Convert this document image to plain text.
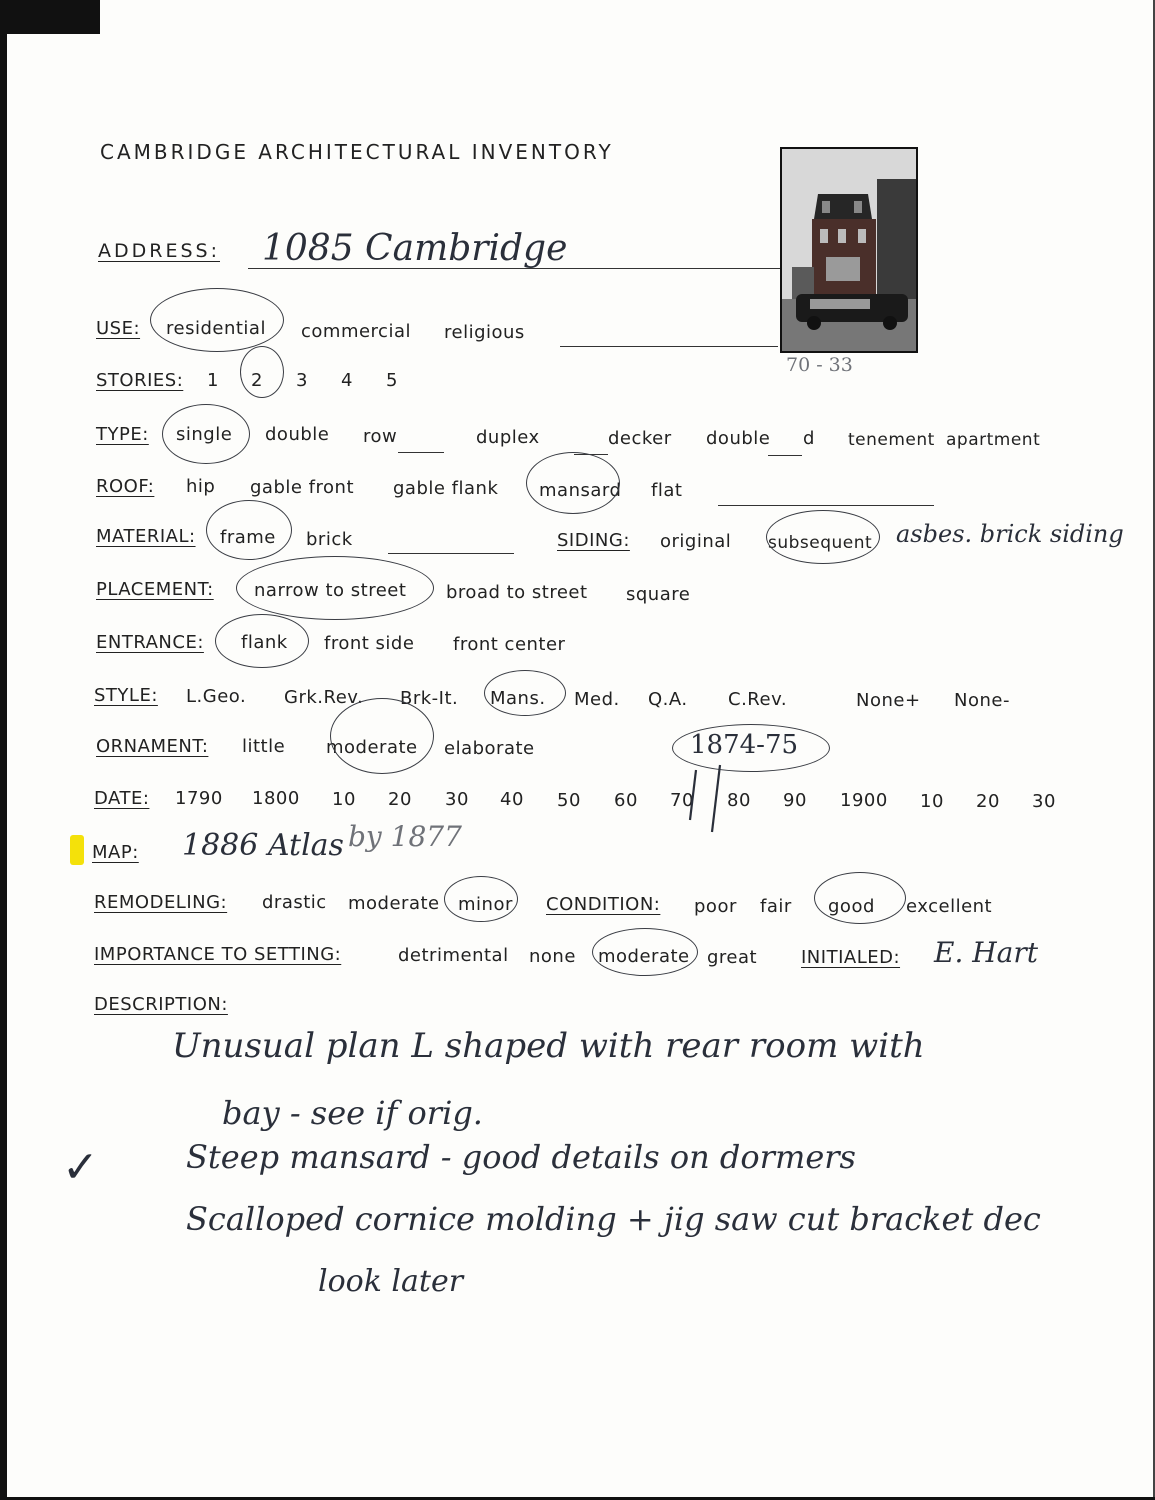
CAMBRIDGE ARCHITECTURAL INVENTORY
70 - 33
ADDRESS: 1085 Cambridge
USE: residential commercial religious
STORIES: 1 2 3 4 5
TYPE: single double row	duplex	decker double d tenement apartment
ROOF: hip gable front gable flank mansard flat
MATERIAL: frame brick	SIDING: original subsequent asbes. brick siding
PLACEMENT: narrow to street broad to street square
ENTRANCE: flank front side front center
STYLE: L.Geo. Grk.Rev. Brk-It. Mans. Med. Q.A. C.Rev.	None+ None-
ORNAMENT: little moderate elaborate	1874-75
DATE: 1790 1800 10 20 30 40 50 60 70 80 90 1900 10 20 30
MAP: 1886 Atlas by 1877
REMODELING: drastic moderate minor CONDITION: poor fair good excellent
IMPORTANCE TO SETTING:	detrimental none moderate great INITIALED: E. Hart
DESCRIPTION:
Unusual plan L shaped with rear room with
bay - see if orig.
✓	Steep mansard - good details on dormers
Scalloped cornice molding + jig saw cut bracket dec
look later
